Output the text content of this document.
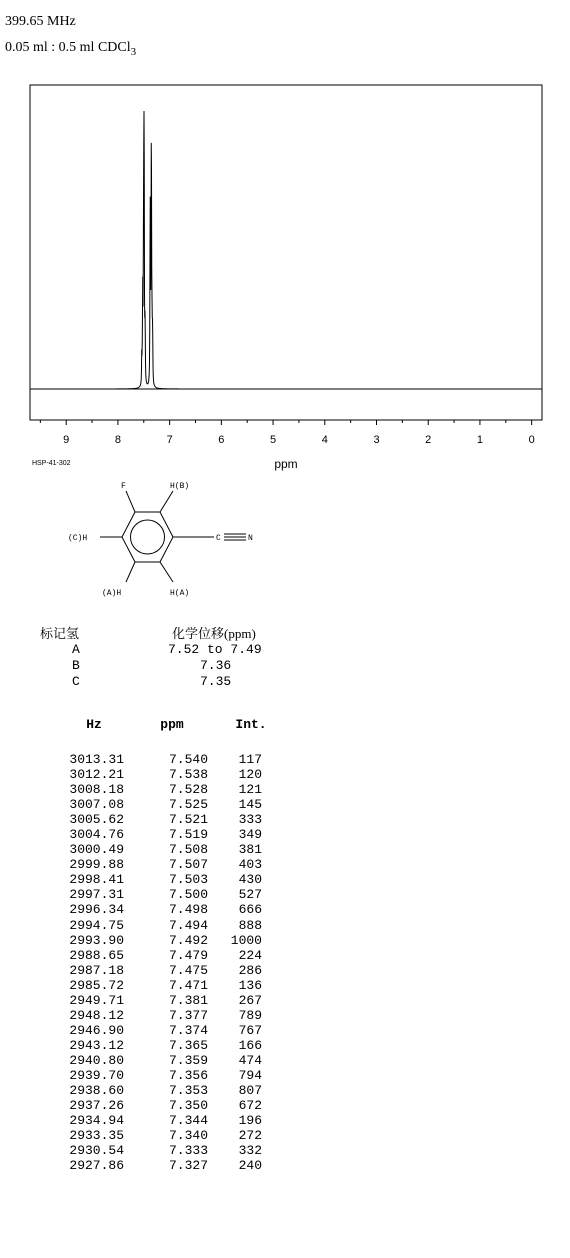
399.65 MHz
0.05 ml : 0.5 ml CDCl$_3$
9	8	7	6	5	4	3	2	1	0
ppm
HSP-41-302
F	H(B)
(C)H	C	N
(A)H	H(A)
标记氢	化学位移(ppm)
A	7.52 to 7.49
B	7.36
C	7.35
Hz	ppm	Int.

3013.31	7.540	117
3012.21	7.538	120
3008.18	7.528	121
3007.08	7.525	145
3005.62	7.521	333
3004.76	7.519	349
3000.49	7.508	381
2999.88	7.507	403
2998.41	7.503	430
2997.31	7.500	527
2996.34	7.498	666
2994.75	7.494	888
2993.90	7.492	1000
2988.65	7.479	224
2987.18	7.475	286
2985.72	7.471	136
2949.71	7.381	267
2948.12	7.377	789
2946.90	7.374	767
2943.12	7.365	166
2940.80	7.359	474
2939.70	7.356	794
2938.60	7.353	807
2937.26	7.350	672
2934.94	7.344	196
2933.35	7.340	272
2930.54	7.333	332
2927.86	7.327	240
